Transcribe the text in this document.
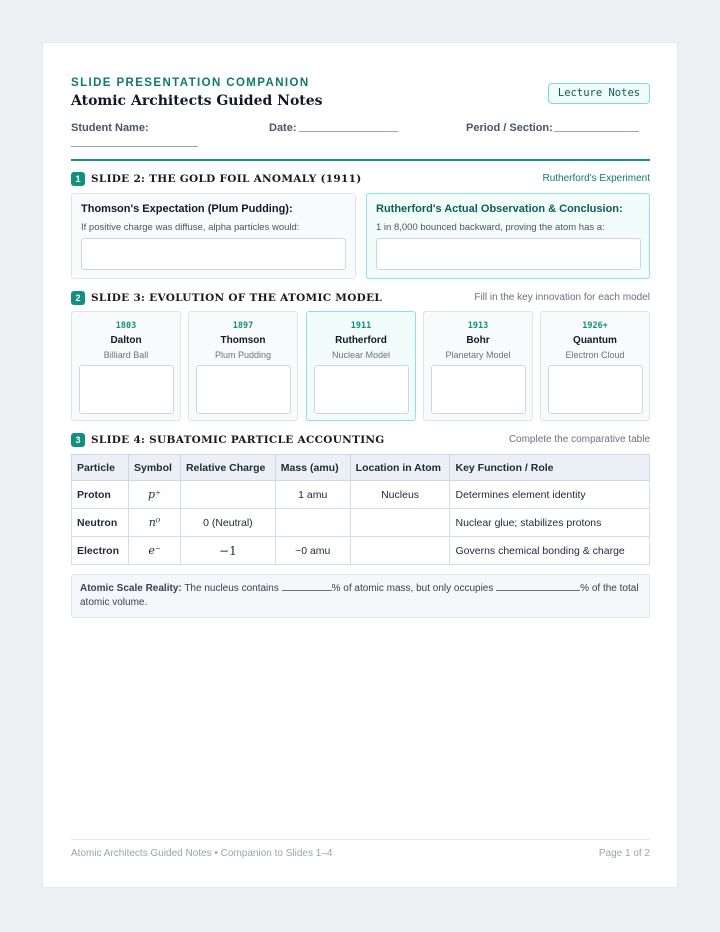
SLIDE PRESENTATION COMPANION
Atomic Architects Guided Notes	Lecture Notes
Student Name:	Date:	Period / Section:
1	SLIDE 2: THE GOLD FOIL ANOMALY (1911)	Rutherford's Experiment
Thomson's Expectation (Plum Pudding):
If positive charge was diffuse, alpha particles would:
Rutherford's Actual Observation & Conclusion:
1 in 8,000 bounced backward, proving the atom has a:
2	SLIDE 3: EVOLUTION OF THE ATOMIC MODEL	Fill in the key innovation for each model
1803
Dalton
Billiard Ball
1897
Thomson
Plum Pudding
1911
Rutherford
Nuclear Model
1913
Bohr
Planetary Model
1926+
Quantum
Electron Cloud
3	SLIDE 4: SUBATOMIC PARTICLE ACCOUNTING	Complete the comparative table
Particle	Symbol	Relative Charge	Mass (amu)	Location in Atom	Key Function / Role
Proton	p⁺		1 amu	Nucleus	Determines element identity
Neutron	n⁰	0 (Neutral)			Nuclear glue; stabilizes protons
Electron	e⁻	−1	~0 amu		Governs chemical bonding & charge
Atomic Scale Reality: The nucleus contains	% of atomic mass, but only occupies	% of the total atomic volume.
Atomic Architects Guided Notes • Companion to Slides 1–4	Page 1 of 2
